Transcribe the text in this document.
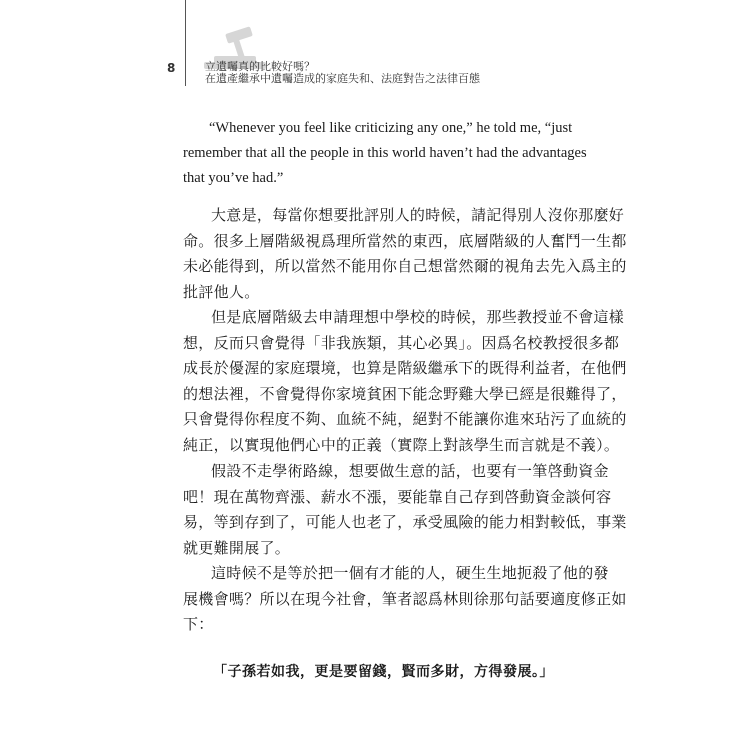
8	立遺囑真的比較好嗎？
在遺產繼承中遺囑造成的家庭失和、法庭對告之法律百態
“Whenever you feel like criticizing any one,” he told me, “just
remember that all the people in this world haven’t had the advantages
that you’ve had.”
大意是，每當你想要批評別人的時候，請記得別人沒你那麼好
命。很多上層階級視爲理所當然的東西，底層階級的人奮鬥一生都
未必能得到，所以當然不能用你自己想當然爾的視角去先入爲主的
批評他人。
但是底層階級去申請理想中學校的時候，那些教授並不會這樣
想，反而只會覺得「非我族類，其心必異」。因爲名校教授很多都
成長於優渥的家庭環境，也算是階級繼承下的既得利益者，在他們
的想法裡，不會覺得你家境貧困下能念野雞大學已經是很難得了，
只會覺得你程度不夠、血統不純，絕對不能讓你進來玷污了血統的
純正，以實現他們心中的正義（實際上對該學生而言就是不義）。
假設不走學術路線，想要做生意的話，也要有一筆啓動資金
吧！現在萬物齊漲、薪水不漲，要能靠自己存到啓動資金談何容
易，等到存到了，可能人也老了，承受風險的能力相對較低，事業
就更難開展了。
這時候不是等於把一個有才能的人，硬生生地扼殺了他的發
展機會嗎？所以在現今社會，筆者認爲林則徐那句話要適度修正如
下：
「子孫若如我，更是要留錢，賢而多財，方得發展。」
